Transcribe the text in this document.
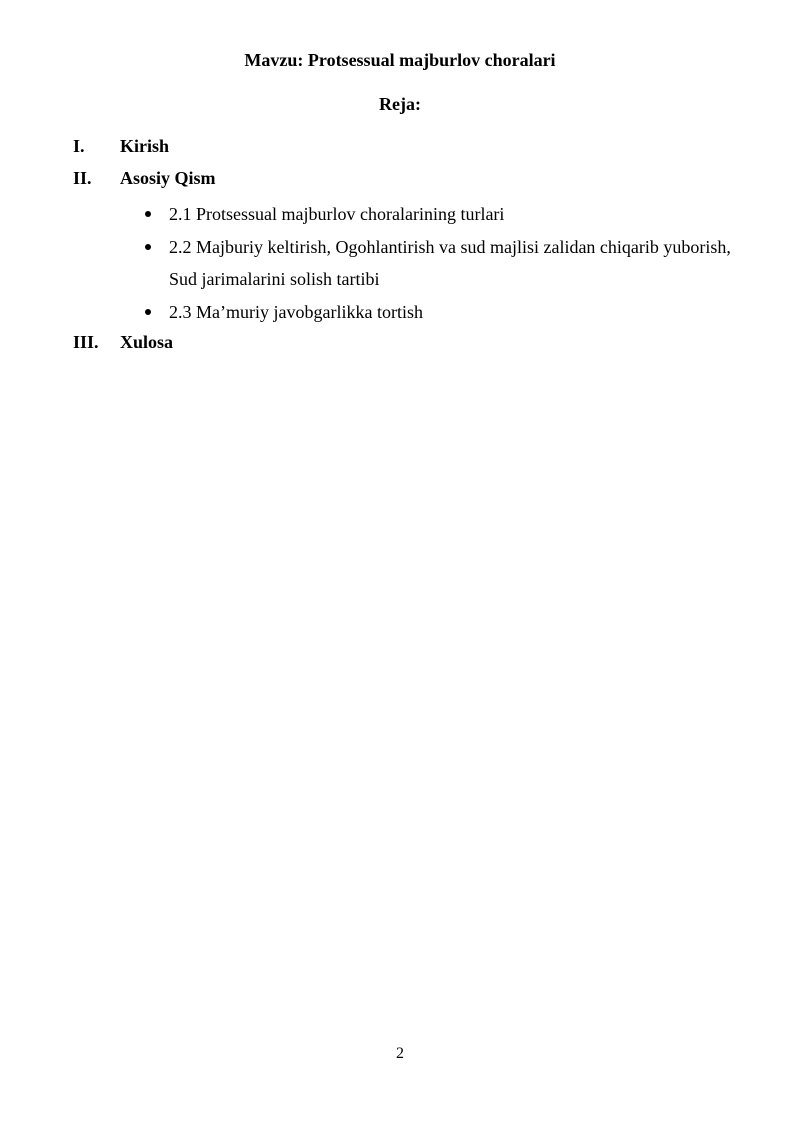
Mavzu: Protsessual majburlov choralari
Reja:
I. Kirish
II. Asosiy Qism
2.1 Protsessual majburlov choralarining turlari
2.2 Majburiy keltirish, Ogohlantirish va sud majlisi zalidan chiqarib yuborish, Sud jarimalarini solish tartibi
2.3 Ma’muriy javobgarlikka tortish
III. Xulosa
2
